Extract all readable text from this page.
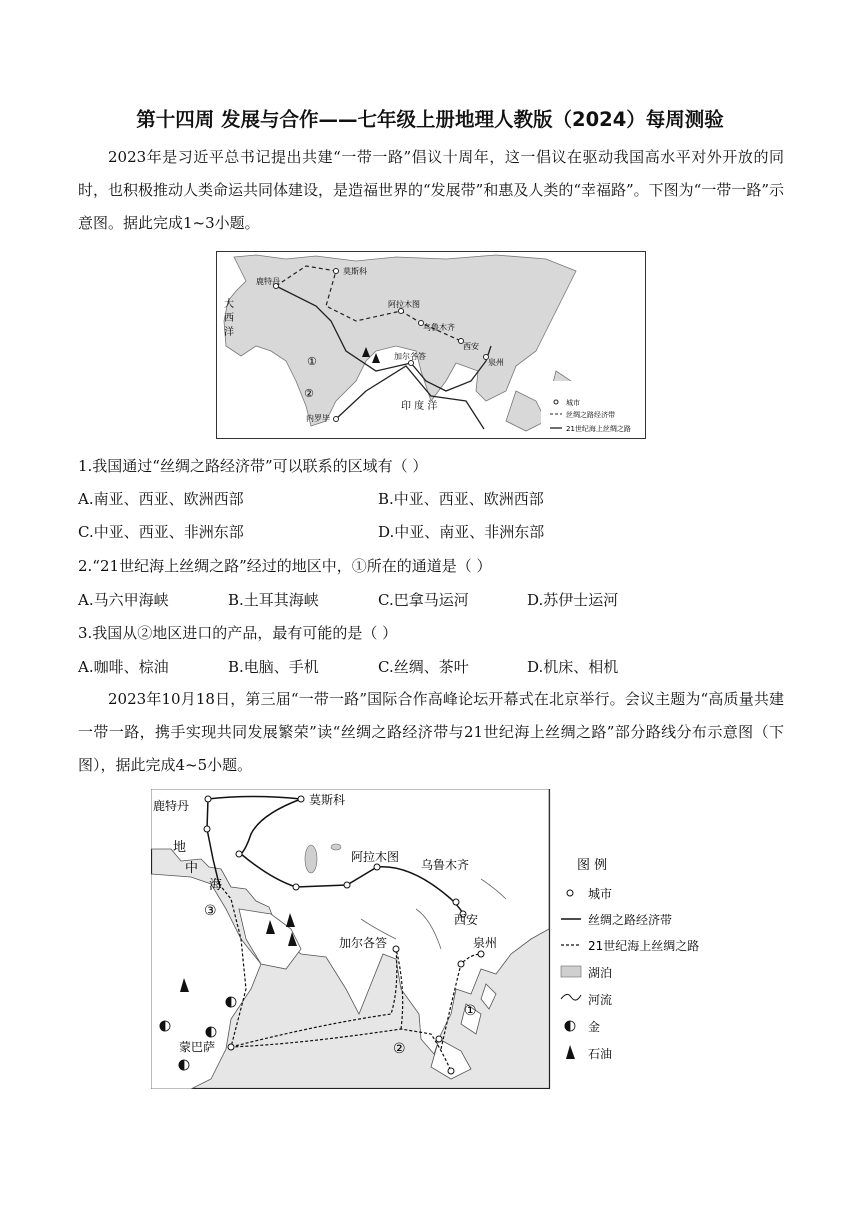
第十四周 发展与合作——七年级上册地理人教版（2024）每周测验

2023年是习近平总书记提出共建“一带一路”倡议十周年，这一倡议在驱动我国高水平对外开放的同时，也积极推动人类命运共同体建设，是造福世界的“发展带”和惠及人类的“幸福路”。下图为“一带一路”示意图。据此完成1~3小题。

莫斯科
鹿特丹
阿拉木图
乌鲁木齐
西安
泉州
加尔各答
内罗毕
大
西
洋
印 度 洋
①
②
城市
丝绸之路经济带
21世纪海上丝绸之路
1.我国通过“丝绸之路经济带”可以联系的区域有（ ）
A.南亚、西亚、欧洲西部	B.中亚、西亚、欧洲西部
C.中亚、西亚、非洲东部	D.中亚、南亚、非洲东部
2.“21世纪海上丝绸之路”经过的地区中，①所在的通道是（ ）
A.马六甲海峡	B.土耳其海峡	C.巴拿马运河	D.苏伊士运河
3.我国从②地区进口的产品，最有可能的是（ ）
A.咖啡、棕油	B.电脑、手机	C.丝绸、茶叶	D.机床、相机

2023年10月18日，第三届“一带一路”国际合作高峰论坛开幕式在北京举行。会议主题为“高质量共建一带一路，携手实现共同发展繁荣”读“丝绸之路经济带与21世纪海上丝绸之路”部分路线分布示意图（下图），据此完成4~5小题。

鹿特丹	莫斯科
阿拉木图
乌鲁木齐
西安
泉州
加尔各答
蒙巴萨
地
中
海
①
②
③
图 例
城市
丝绸之路经济带
21世纪海上丝绸之路
湖泊
河流
金
石油
